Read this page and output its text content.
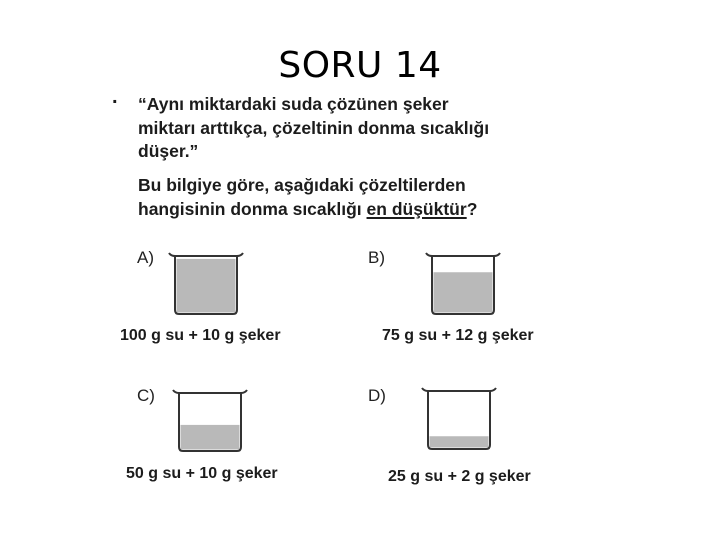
SORU 14
. “Aynı miktardaki suda çözünen şeker
miktarı arttıkça, çözeltinin donma sıcaklığı
düşer.”
Bu bilgiye göre, aşağıdaki çözeltilerden
hangisinin donma sıcaklığı en düşüktür?
A)
100 g su + 10 g şeker
B)
75 g su + 12 g şeker
C)
50 g su + 10 g şeker
D)
25 g su + 2 g şeker
